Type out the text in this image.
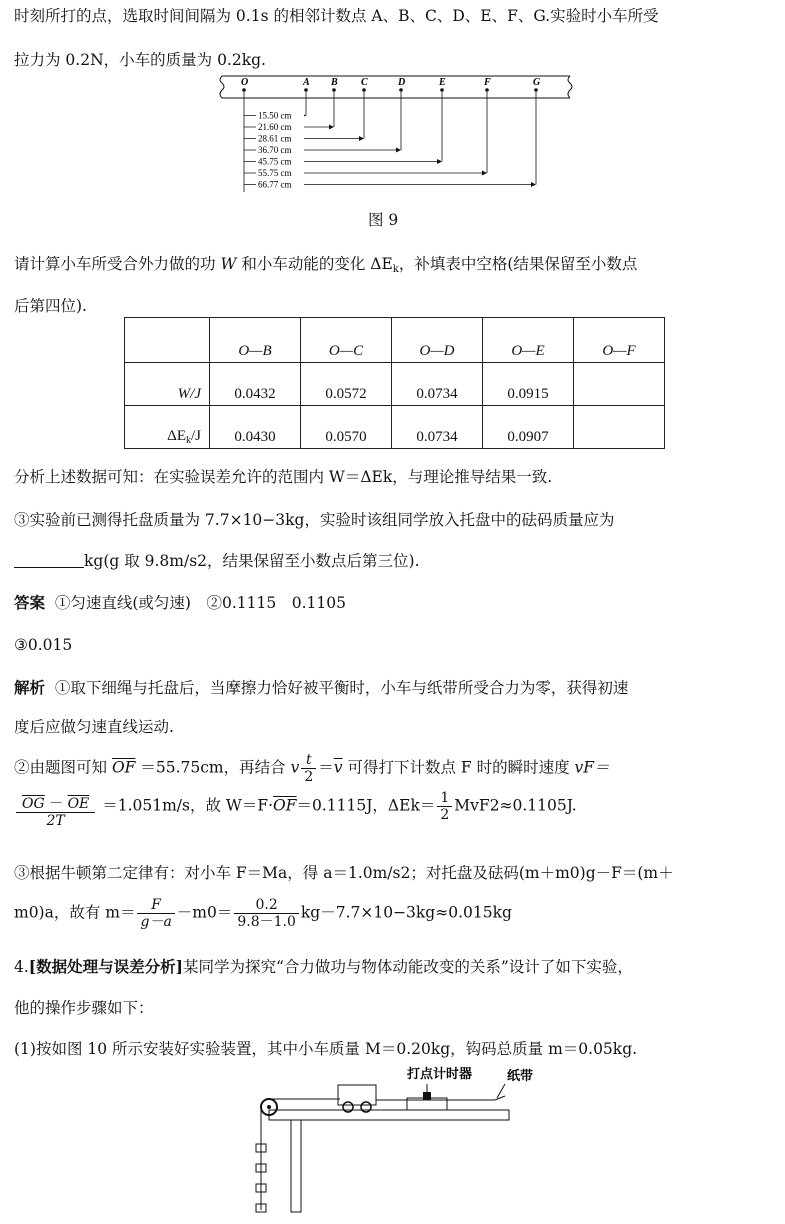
时刻所打的点，选取时间间隔为 0.1s 的相邻计数点 A、B、C、D、E、F、G.实验时小车所受
拉力为 0.2N，小车的质量为 0.2kg.
O	A B C	D	E	F	G
15.50 cm
21.60 cm
28.61 cm
36.70 cm
45.75 cm
55.75 cm
66.77 cm
图 9
请计算小车所受合外力做的功 W 和小车动能的变化 $\Delta E_k$，补填表中空格(结果保留至小数点
后第四位).
	O—B	O—C	O—D	O—E	O—F
W/J	0.0432	0.0572	0.0734	0.0915	
$\Delta E_k/J$	0.0430	0.0570	0.0734	0.0907	
分析上述数据可知：在实验误差允许的范围内 W＝ΔEk，与理论推导结果一致.
③实验前已测得托盘质量为 7.7×10−3kg，实验时该组同学放入托盘中的砝码质量应为
kg(g 取 9.8m/s2，结果保留至小数点后第三位).
答案 ①匀速直线(或匀速)　②0.1115　0.1105
③0.015
解析 ①取下细绳与托盘后，当摩擦力恰好被平衡时，小车与纸带所受合力为零，获得初速
度后应做匀速直线运动.
②由题图可知 $\overline{OF} =55.75cm$，再结合 v $\frac{t}{2} =\overline{v}$ 可得打下计数点 F 时的瞬时速度 vF＝
$\frac{\overline{OG} - \overline{OE}}{2T} =1.051m/s$，故 $W=F\cdot\overline{OF}=0.1115J$，$\Delta Ek= \frac{1}{2} MvF2\approx 0.1105J$.
③根据牛顿第二定律有：对小车 F＝Ma，得 a＝1.0m/s2；对托盘及砝码(m＋m0)g－F＝(m＋
m0)a，故有 $m= \frac{F}{g-a} -m0= \frac{0.2}{9.8-1.0} kg-7.7\times 10-3kg\approx 0.015kg$
4.[数据处理与误差分析]某同学为探究“合力做功与物体动能改变的关系”设计了如下实验，
他的操作步骤如下：
(1)按如图 10 所示安装好实验装置，其中小车质量 M＝0.20kg，钩码总质量 m＝0.05kg.
打点计时器	纸带
